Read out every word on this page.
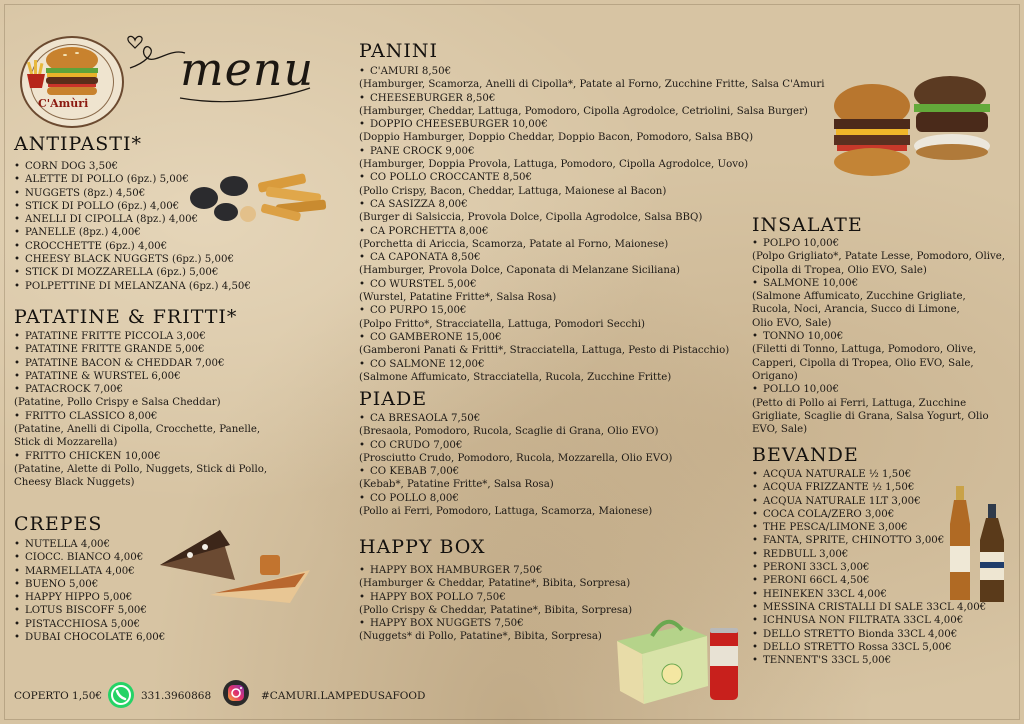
C'Amùri
menu
ANTIPASTI*
• CORN DOG 3,50€
• ALETTE DI POLLO (6pz.) 5,00€
• NUGGETS (8pz.) 4,50€
• STICK DI POLLO (6pz.) 4,00€
• ANELLI DI CIPOLLA (8pz.) 4,00€
• PANELLE (8pz.) 4,00€
• CROCCHETTE (6pz.) 4,00€
• CHEESY BLACK NUGGETS (6pz.) 5,00€
• STICK DI MOZZARELLA (6pz.) 5,00€
• POLPETTINE DI MELANZANA (6pz.) 4,50€
PATATINE & FRITTI*
• PATATINE FRITTE PICCOLA 3,00€
• PATATINE FRITTE GRANDE 5,00€
• PATATINE BACON & CHEDDAR 7,00€
• PATATINE & WURSTEL 6,00€
• PATACROCK 7,00€
(Patatine, Pollo Crispy e Salsa Cheddar)
• FRITTO CLASSICO 8,00€
(Patatine, Anelli di Cipolla, Crocchette, Panelle,
Stick di Mozzarella)
• FRITTO CHICKEN 10,00€
(Patatine, Alette di Pollo, Nuggets, Stick di Pollo,
Cheesy Black Nuggets)
CREPES
• NUTELLA 4,00€
• CIOCC. BIANCO 4,00€
• MARMELLATA 4,00€
• BUENO 5,00€
• HAPPY HIPPO 5,00€
• LOTUS BISCOFF 5,00€
• PISTACCHIOSA 5,00€
• DUBAI CHOCOLATE 6,00€
PANINI
• C'AMURI 8,50€
(Hamburger, Scamorza, Anelli di Cipolla*, Patate al Forno, Zucchine Fritte, Salsa C'Amuri
• CHEESEBURGER 8,50€
(Hamburger, Cheddar, Lattuga, Pomodoro, Cipolla Agrodolce, Cetriolini, Salsa Burger)
• DOPPIO CHEESEBURGER 10,00€
(Doppio Hamburger, Doppio Cheddar, Doppio Bacon, Pomodoro, Salsa BBQ)
• PANE CROCK 9,00€
(Hamburger, Doppia Provola, Lattuga, Pomodoro, Cipolla Agrodolce, Uovo)
• CO POLLO CROCCANTE 8,50€
(Pollo Crispy, Bacon, Cheddar, Lattuga, Maionese al Bacon)
• CA SASIZZA 8,00€
(Burger di Salsiccia, Provola Dolce, Cipolla Agrodolce, Salsa BBQ)
• CA PORCHETTA 8,00€
(Porchetta di Ariccia, Scamorza, Patate al Forno, Maionese)
• CA CAPONATA 8,50€
(Hamburger, Provola Dolce, Caponata di Melanzane Siciliana)
• CO WURSTEL 5,00€
(Wurstel, Patatine Fritte*, Salsa Rosa)
• CO PURPO 15,00€
(Polpo Fritto*, Stracciatella, Lattuga, Pomodori Secchi)
• CO GAMBERONE 15,00€
(Gamberoni Panati & Fritti*, Stracciatella, Lattuga, Pesto di Pistacchio)
• CO SALMONE 12,00€
(Salmone Affumicato, Stracciatella, Rucola, Zucchine Fritte)
PIADE
• CA BRESAOLA 7,50€
(Bresaola, Pomodoro, Rucola, Scaglie di Grana, Olio EVO)
• CO CRUDO 7,00€
(Prosciutto Crudo, Pomodoro, Rucola, Mozzarella, Olio EVO)
• CO KEBAB 7,00€
(Kebab*, Patatine Fritte*, Salsa Rosa)
• CO POLLO 8,00€
(Pollo ai Ferri, Pomodoro, Lattuga, Scamorza, Maionese)
HAPPY BOX
• HAPPY BOX HAMBURGER 7,50€
(Hamburger & Cheddar, Patatine*, Bibita, Sorpresa)
• HAPPY BOX POLLO 7,50€
(Pollo Crispy & Cheddar, Patatine*, Bibita, Sorpresa)
• HAPPY BOX NUGGETS 7,50€
(Nuggets* di Pollo, Patatine*, Bibita, Sorpresa)
INSALATE
• POLPO 10,00€
(Polpo Grigliato*, Patate Lesse, Pomodoro, Olive,
Cipolla di Tropea, Olio EVO, Sale)
• SALMONE 10,00€
(Salmone Affumicato, Zucchine Grigliate,
Rucola, Noci, Arancia, Succo di Limone,
Olio EVO, Sale)
• TONNO 10,00€
(Filetti di Tonno, Lattuga, Pomodoro, Olive,
Capperi, Cipolla di Tropea, Olio EVO, Sale,
Origano)
• POLLO 10,00€
(Petto di Pollo ai Ferri, Lattuga, Zucchine
Grigliate, Scaglie di Grana, Salsa Yogurt, Olio
EVO, Sale)
BEVANDE
• ACQUA NATURALE ½ 1,50€
• ACQUA FRIZZANTE ½ 1,50€
• ACQUA NATURALE 1LT 3,00€
• COCA COLA/ZERO 3,00€
• THE PESCA/LIMONE 3,00€
• FANTA, SPRITE, CHINOTTO 3,00€
• REDBULL 3,00€
• PERONI 33CL 3,00€
• PERONI 66CL 4,50€
• HEINEKEN 33CL 4,00€
• MESSINA CRISTALLI DI SALE 33CL 4,00€
• ICHNUSA NON FILTRATA 33CL 4,00€
• DELLO STRETTO Bionda 33CL 4,00€
• DELLO STRETTO Rossa 33CL 5,00€
• TENNENT'S 33CL 5,00€
COPERTO 1,50€	331.3960868	#CAMURI.LAMPEDUSAFOOD
